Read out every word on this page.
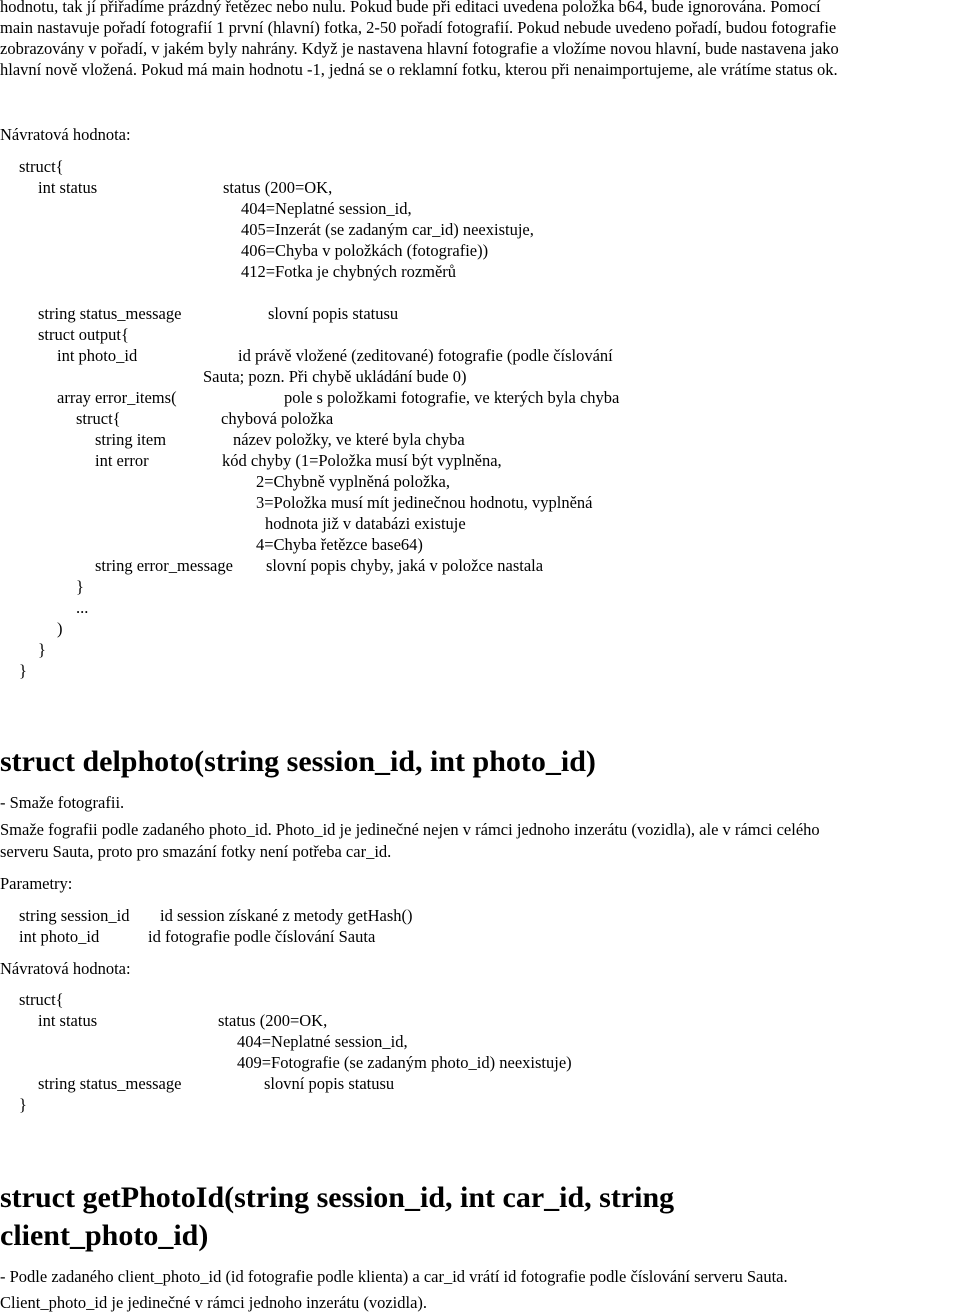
hodnotu, tak jí přiřadíme prázdný řetězec nebo nulu. Pokud bude při editaci uvedena položka b64, bude ignorována. Pomocí
main nastavuje pořadí fotografií 1 první (hlavní) fotka, 2-50 pořadí fotografií. Pokud nebude uvedeno pořadí, budou fotografie
zobrazovány v pořadí, v jakém byly nahrány. Když je nastavena hlavní fotografie a vložíme novou hlavní, bude nastavena jako
hlavní nově vložená. Pokud má main hodnotu -1, jedná se o reklamní fotku, kterou při nenaimportujeme, ale vrátíme status ok.
Návratová hodnota:
struct{
int status	status (200=OK,
404=Neplatné session_id,
405=Inzerát (se zadaným car_id) neexistuje,
406=Chyba v položkách (fotografie))
412=Fotka je chybných rozměrů
string status_message	slovní popis statusu
struct output{
int photo_id	id právě vložené (zeditované) fotografie (podle číslování
Sauta; pozn. Při chybě ukládání bude 0)
array error_items(	pole s položkami fotografie, ve kterých byla chyba
struct{	chybová položka
string item	název položky, ve které byla chyba
int error	kód chyby (1=Položka musí být vyplněna,
2=Chybně vyplněná položka,
3=Položka musí mít jedinečnou hodnotu, vyplněná
hodnota již v databázi existuje
4=Chyba řetězce base64)
string error_message slovní popis chyby, jaká v položce nastala
}
...
)
}
}
struct delphoto(string session_id, int photo_id)
- Smaže fotografii.
Smaže fografii podle zadaného photo_id. Photo_id je jedinečné nejen v rámci jednoho inzerátu (vozidla), ale v rámci celého
serveru Sauta, proto pro smazání fotky není potřeba car_id.
Parametry:
string session_id id session získané z metody getHash()
int photo_id	id fotografie podle číslování Sauta
Návratová hodnota:
struct{
int status	status (200=OK,
404=Neplatné session_id,
409=Fotografie (se zadaným photo_id) neexistuje)
string status_message	slovní popis statusu
}
struct getPhotoId(string session_id, int car_id, string
client_photo_id)
- Podle zadaného client_photo_id (id fotografie podle klienta) a car_id vrátí id fotografie podle číslování serveru Sauta.
Client_photo_id je jedinečné v rámci jednoho inzerátu (vozidla).
